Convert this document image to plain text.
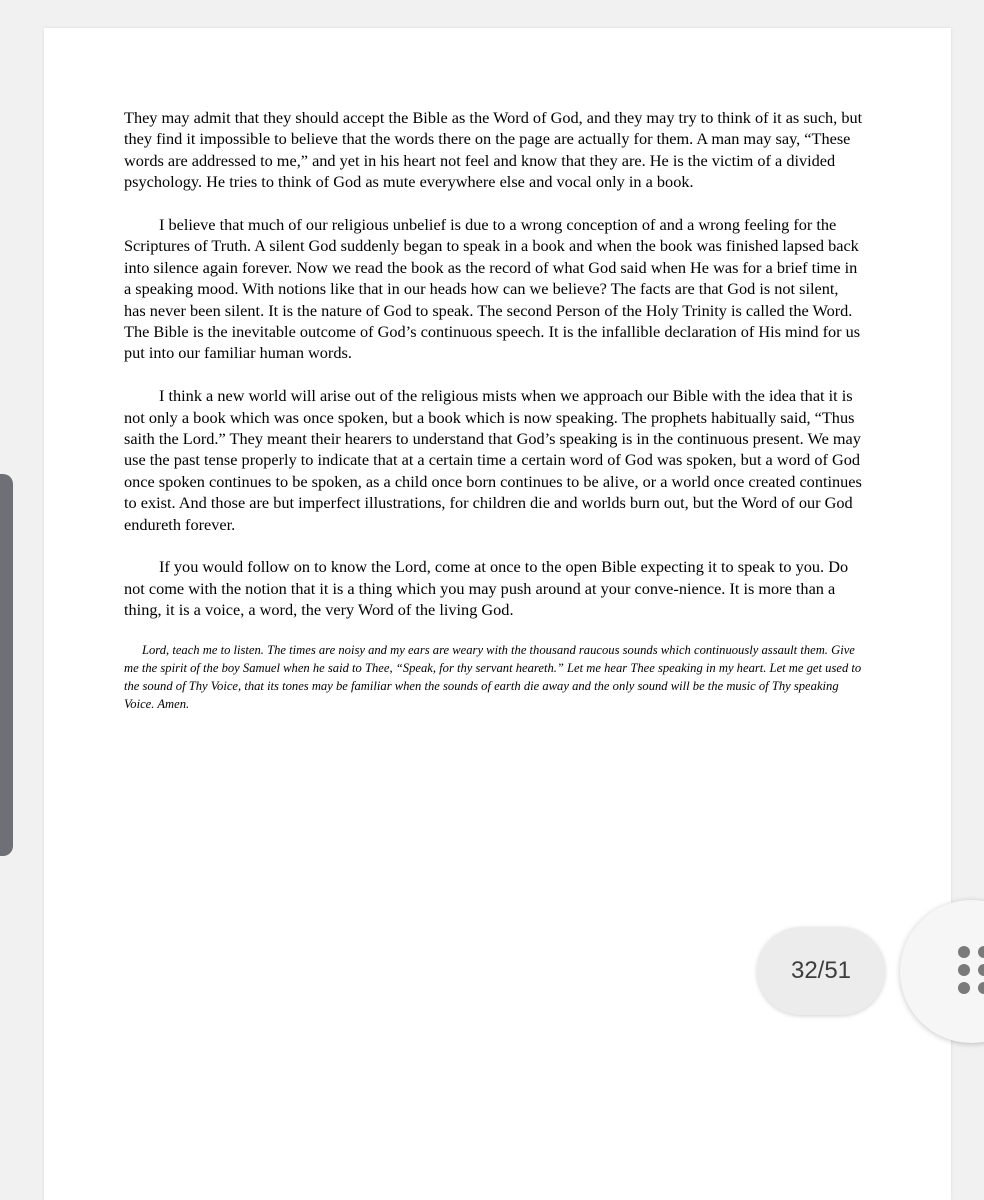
They may admit that they should accept the Bible as the Word of God, and they may try to think of it as such, but they find it impossible to believe that the words there on the page are actually for them. A man may say, “These words are addressed to me,” and yet in his heart not feel and know that they are. He is the victim of a divided psychology. He tries to think of God as mute everywhere else and vocal only in a book.

I believe that much of our religious unbelief is due to a wrong conception of and a wrong feeling for the Scriptures of Truth. A silent God suddenly began to speak in a book and when the book was finished lapsed back into silence again forever. Now we read the book as the record of what God said when He was for a brief time in a speaking mood. With notions like that in our heads how can we believe? The facts are that God is not silent, has never been silent. It is the nature of God to speak. The second Person of the Holy Trinity is called the Word. The Bible is the inevitable outcome of God’s continuous speech. It is the infallible declaration of His mind for us put into our familiar human words.

I think a new world will arise out of the religious mists when we approach our Bible with the idea that it is not only a book which was once spoken, but a book which is now speaking. The prophets habitually said, “Thus saith the Lord.” They meant their hearers to understand that God’s speaking is in the continuous present. We may use the past tense properly to indicate that at a certain time a certain word of God was spoken, but a word of God once spoken continues to be spoken, as a child once born continues to be alive, or a world once created continues to exist. And those are but imperfect illustrations, for children die and worlds burn out, but the Word of our God endureth forever.

If you would follow on to know the Lord, come at once to the open Bible expecting it to speak to you. Do not come with the notion that it is a thing which you may push around at your conve-nience. It is more than a thing, it is a voice, a word, the very Word of the living God.

Lord, teach me to listen. The times are noisy and my ears are weary with the thousand raucous sounds which continuously assault them. Give me the spirit of the boy Samuel when he said to Thee, “Speak, for thy servant heareth.” Let me hear Thee speaking in my heart. Let me get used to the sound of Thy Voice, that its tones may be familiar when the sounds of earth die away and the only sound will be the music of Thy speaking Voice. Amen.

32/51
